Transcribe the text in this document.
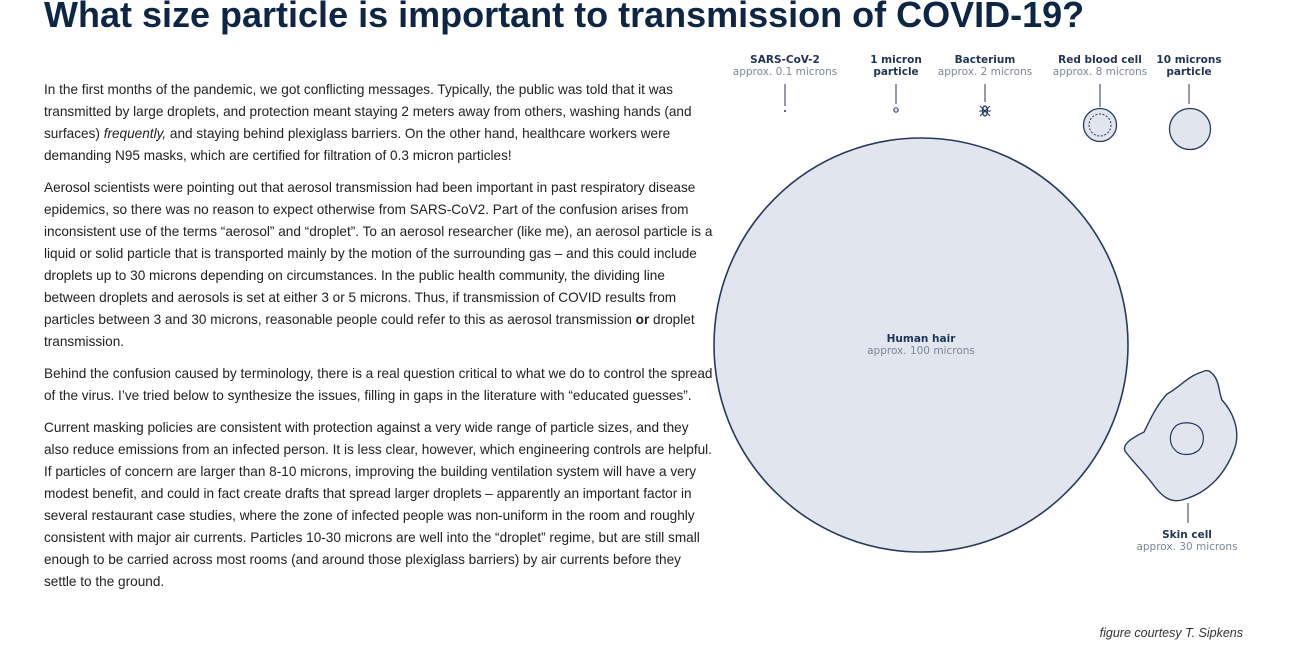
What size particle is important to transmission of COVID-19?

In the first months of the pandemic, we got conflicting messages. Typically, the public was told that it was transmitted by large droplets, and protection meant staying 2 meters away from others, washing hands (and surfaces) frequently, and staying behind plexiglass barriers. On the other hand, healthcare workers were demanding N95 masks, which are certified for filtration of 0.3 micron particles!

Aerosol scientists were pointing out that aerosol transmission had been important in past respiratory disease epidemics, so there was no reason to expect otherwise from SARS-CoV2. Part of the confusion arises from inconsistent use of the terms “aerosol” and “droplet”. To an aerosol researcher (like me), an aerosol particle is a liquid or solid particle that is transported mainly by the motion of the surrounding gas – and this could include droplets up to 30 microns depending on circumstances. In the public health community, the dividing line between droplets and aerosols is set at either 3 or 5 microns. Thus, if transmission of COVID results from particles between 3 and 30 microns, reasonable people could refer to this as aerosol transmission or droplet transmission.

Behind the confusion caused by terminology, there is a real question critical to what we do to control the spread of the virus. I’ve tried below to synthesize the issues, filling in gaps in the literature with “educated guesses”.

Current masking policies are consistent with protection against a very wide range of particle sizes, and they also reduce emissions from an infected person. It is less clear, however, which engineering controls are helpful. If particles of concern are larger than 8-10 microns, improving the building ventilation system will have a very modest benefit, and could in fact create drafts that spread larger droplets – apparently an important factor in several restaurant case studies, where the zone of infected people was non-uniform in the room and roughly consistent with major air currents. Particles 10-30 microns are well into the “droplet” regime, but are still small enough to be carried across most rooms (and around those plexiglass barriers) by air currents before they settle to the ground.

SARS-CoV-2
approx. 0.1 microns
1 micron
particle
Bacterium
approx. 2 microns
Red blood cell
approx. 8 microns
10 microns
particle
Human hair
approx. 100 microns
Skin cell
approx. 30 microns
figure courtesy T. Sipkens
